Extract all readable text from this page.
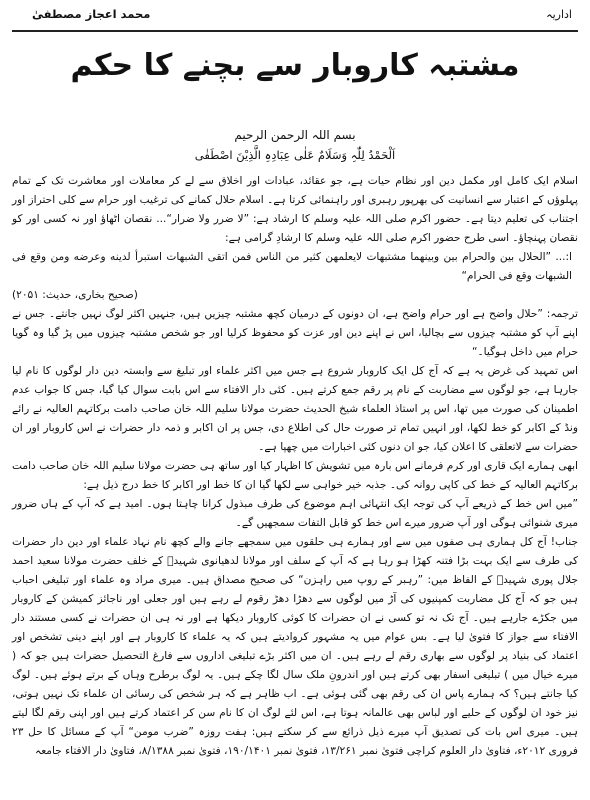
محمد اعجاز مصطفیٰ	اداریہ
مشتبہ کاروبار سے بچنے کا حکم
بسم اللہ الرحمن الرحیم
اَلْحَمْدُ لِلّٰہِ وَسَلَامٌ عَلٰی عِبَادِہِ الَّذِیْنَ اصْطَفٰی

اسلام ایک کامل اور مکمل دین اور نظام حیات ہے، جو عقائد، عبادات اور اخلاق سے لے کر معاملات اور معاشرت تک کے تمام پہلوؤں کے اعتبار سے انسانیت کی بھرپور رہبری اور راہنمائی کرتا ہے۔ اسلام حلال کمانے کی ترغیب اور حرام سے کلی احتراز اور اجتناب کی تعلیم دیتا ہے۔ حضور اکرم صلی اللہ علیہ وسلم کا ارشاد ہے: ”لا ضرر ولا ضرار“... نقصان اٹھاؤ اور نہ کسی اور کو نقصان پہنچاؤ۔ اسی طرح حضور اکرم صلی اللہ علیہ وسلم کا ارشادِ گرامی ہے:

ا:... ”الحلال بین والحرام بین وبینهما مشتبهات لایعلمهن کثیر من الناس فمن اتقی الشبهات استبرأ لدینه وعرضه ومن وقع فی الشبهات وقع فی الحرام“

(صحیح بخاری، حدیث: ۲۰۵۱)

ترجمہ: ”حلال واضح ہے اور حرام واضح ہے، ان دونوں کے درمیان کچھ مشتبہ چیزیں ہیں، جنہیں اکثر لوگ نہیں جانتے۔ جس نے اپنے آپ کو مشتبہ چیزوں سے بچالیا، اس نے اپنے دین اور عزت کو محفوظ کرلیا اور جو شخص مشتبہ چیزوں میں پڑ گیا وہ گویا حرام میں داخل ہوگیا۔“

اس تمہید کی غرض یہ ہے کہ آج کل ایک کاروبار شروع ہے جس میں اکثر علماء اور تبلیغ سے وابستہ دین دار لوگوں کا نام لیا جارہا ہے، جو لوگوں سے مضاربت کے نام پر رقم جمع کرتے ہیں۔ کئی دار الافتاء سے اس بابت سوال کیا گیا، جس کا جواب عدم اطمینان کی صورت میں تھا، اس پر استاذ العلماء شیخ الحدیث حضرت مولانا سلیم اللہ خان صاحب دامت برکاتہم العالیہ نے رائے ونڈ کے اکابر کو خط لکھا، اور انہیں تمام تر صورت حال کی اطلاع دی، جس پر ان اکابر و ذمہ دار حضرات نے اس کاروبار اور ان حضرات سے لاتعلقی کا اعلان کیا، جو ان دنوں کئی اخبارات میں چھپا ہے۔

ابھی ہمارے ایک قاری اور کرم فرمانے اس بارہ میں تشویش کا اظہار کیا اور ساتھ ہی حضرت مولانا سلیم اللہ خان صاحب دامت برکاتہم العالیہ کے خط کی کاپی روانہ کی۔ جذبہ خیر خواہی سے لکھا گیا ان کا خط اور اکابر کا خط درج ذیل ہے:

”میں اس خط کے ذریعے آپ کی توجہ ایک انتہائی اہم موضوع کی طرف مبذول کرانا چاہتا ہوں۔ امید ہے کہ آپ کے ہاں ضرور میری شنوائی ہوگی اور آپ ضرور میرے اس خط کو قابل التفات سمجھیں گے۔

جناب! آج کل ہماری ہی صفوں میں سے اور ہمارے ہی حلقوں میں سمجھے جانے والے کچھ نام نہاد علماء اور دین دار حضرات کی طرف سے ایک بہت بڑا فتنہ کھڑا ہو رہا ہے کہ آپ کے سلف اور مولانا لدھیانوی شہیدؒ کے خلف حضرت مولانا سعید احمد جلال پوری شہیدؒ کے الفاظ میں: ”رہبر کے روپ میں راہزن“ کی صحیح مصداق ہیں۔ میری مراد وہ علماء اور تبلیغی احباب ہیں جو کہ آج کل مضاربت کمپنیوں کی آڑ میں لوگوں سے دھڑا دھڑ رقوم لے رہے ہیں اور جعلی اور ناجائز کمیشن کے کاروبار میں جکڑے جارہے ہیں۔ آج تک نہ تو کسی نے ان حضرات کا کوئی کاروبار دیکھا ہے اور نہ ہی ان حضرات نے کسی مستند دار الافتاء سے جواز کا فتویٰ لیا ہے۔ بس عوام میں یہ مشہور کروادیتے ہیں کہ یہ علماء کا کاروبار ہے اور اپنے دینی تشخص اور اعتماد کی بنیاد پر لوگوں سے بھاری رقم لے رہے ہیں۔ ان میں اکثر بڑے تبلیغی اداروں سے فارغ التحصیل حضرات ہیں جو کہ ( میرے خیال میں ) تبلیغی اسفار بھی کرتے ہیں اور اندرونِ ملک سال لگا چکے ہیں۔ یہ لوگ برطرح وہاں کے برتے ہوئے ہیں۔ لوگ کیا جانتے ہیں؟ کہ ہمارے پاس ان کی رقم بھی گئی ہوئی ہے۔ اب ظاہر ہے کہ ہر شخص کی رسائی ان علماء تک نہیں ہوتی، نیز خود ان لوگوں کے حلیے اور لباس بھی عالمانہ ہوتا ہے، اس لئے لوگ ان کا نام سن کر اعتماد کرتے ہیں اور اپنی رقم لگا لیتے ہیں۔ میری اس بات کی تصدیق آپ میرے ذیل ذرائع سے کر سکتے ہیں: ہفت روزہ ”ضرب مومن“ آپ کے مسائل کا حل ۲۳ فروری ۲۰۱۲ء، فتاویٰ دار العلوم کراچی فتویٰ نمبر ۱۳/۲۶۱، فتویٰ نمبر ۱۹۰/۱۴۰۱، فتویٰ نمبر ۸/۱۳۸۸، فتاویٰ دار الافتاء جامعہ
